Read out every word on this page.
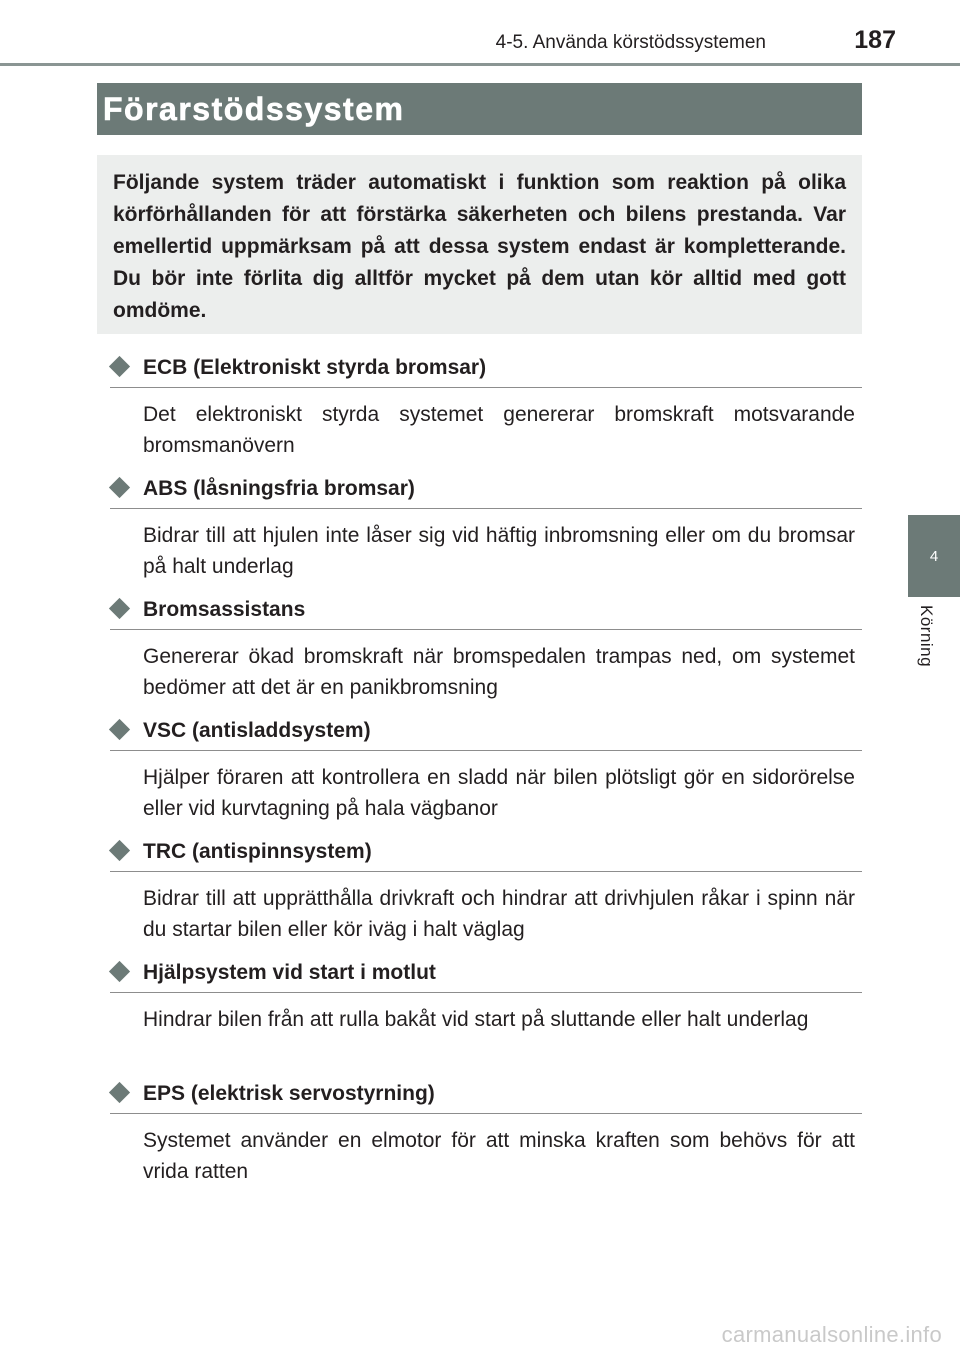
4-5. Använda körstödssystemen	187
4
Körning
Förarstödssystem

Följande system träder automatiskt i funktion som reaktion på olika körförhållanden för att förstärka säkerheten och bilens prestanda. Var emellertid uppmärksam på att dessa system endast är kompletterande. Du bör inte förlita dig alltför mycket på dem utan kör alltid med gott omdöme.

ECB (Elektroniskt styrda bromsar)

Det elektroniskt styrda systemet genererar bromskraft motsvarande bromsmanövern

ABS (låsningsfria bromsar)

Bidrar till att hjulen inte låser sig vid häftig inbromsning eller om du bromsar på halt underlag

Bromsassistans

Genererar ökad bromskraft när bromspedalen trampas ned, om systemet bedömer att det är en panikbromsning

VSC (antisladdsystem)

Hjälper föraren att kontrollera en sladd när bilen plötsligt gör en sidorörelse eller vid kurvtagning på hala vägbanor

TRC (antispinnsystem)

Bidrar till att upprätthålla drivkraft och hindrar att drivhjulen råkar i spinn när du startar bilen eller kör iväg i halt väglag

Hjälpsystem vid start i motlut

Hindrar bilen från att rulla bakåt vid start på sluttande eller halt underlag

EPS (elektrisk servostyrning)

Systemet använder en elmotor för att minska kraften som behövs för att vrida ratten

carmanualsonline.info
